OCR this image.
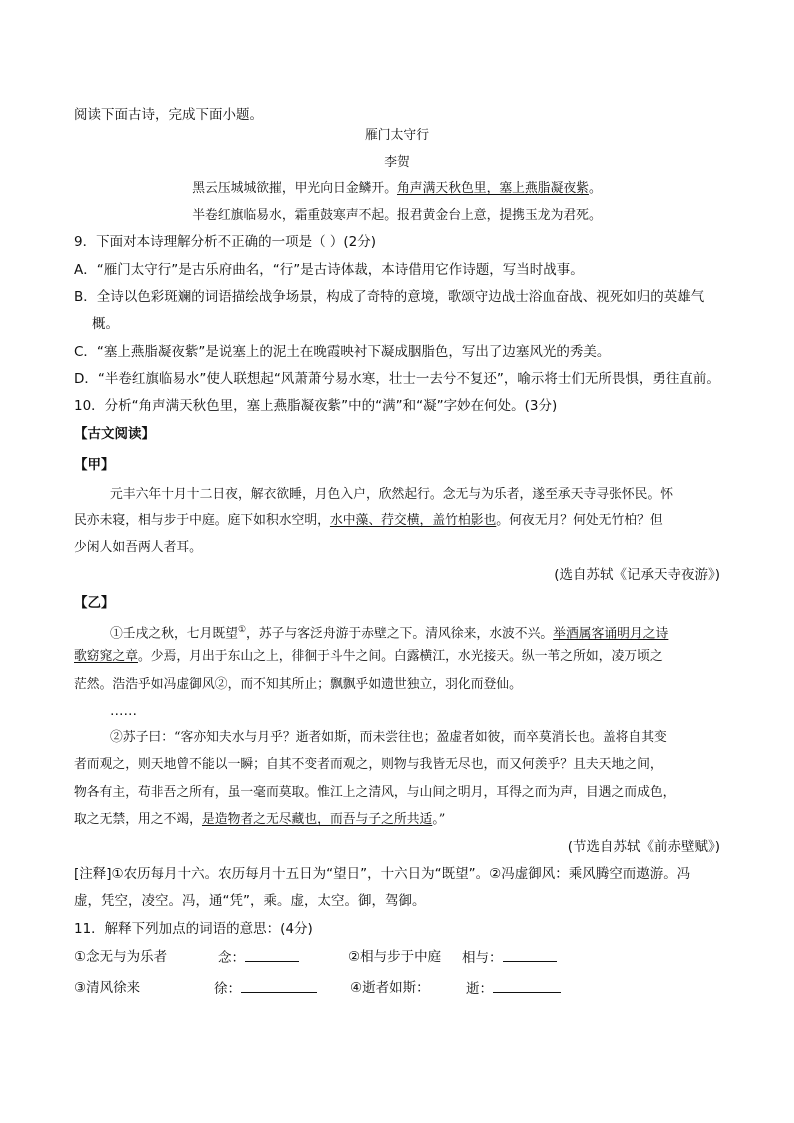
阅读下面古诗，完成下面小题。
雁门太守行
李贺
黑云压城城欲摧，甲光向日金鳞开。角声满天秋色里，塞上燕脂凝夜紫。
半卷红旗临易水，霜重鼓寒声不起。报君黄金台上意，提携玉龙为君死。
9．下面对本诗理解分析不正确的一项是（ ）(2分)
A．“雁门太守行”是古乐府曲名，“行”是古诗体裁，本诗借用它作诗题，写当时战事。
B．全诗以色彩斑斓的词语描绘战争场景，构成了奇特的意境，歌颂守边战士浴血奋战、视死如归的英雄气
概。
C．“塞上燕脂凝夜紫”是说塞上的泥土在晚霞映衬下凝成胭脂色，写出了边塞风光的秀美。
D．“半卷红旗临易水”使人联想起“风萧萧兮易水寒，壮士一去兮不复还”，喻示将士们无所畏惧，勇往直前。
10．分析“角声满天秋色里，塞上燕脂凝夜紫”中的“满”和“凝”字妙在何处。(3分)
【古文阅读】
【甲】
元丰六年十月十二日夜，解衣欲睡，月色入户，欣然起行。念无与为乐者，遂至承天寺寻张怀民。怀
民亦未寝，相与步于中庭。庭下如积水空明，水中藻、荇交横，盖竹柏影也。何夜无月？何处无竹柏？但
少闲人如吾两人者耳。
(选自苏轼《记承天寺夜游》)
【乙】
①壬戌之秋，七月既望①，苏子与客泛舟游于赤壁之下。清风徐来，水波不兴。举酒属客诵明月之诗
歌窈窕之章。少焉，月出于东山之上，徘徊于斗牛之间。白露横江，水光接天。纵一苇之所如，凌万顷之
茫然。浩浩乎如冯虚御风②，而不知其所止；飘飘乎如遗世独立，羽化而登仙。
……
②苏子曰：“客亦知夫水与月乎？逝者如斯，而未尝往也；盈虚者如彼，而卒莫消长也。盖将自其变
者而观之，则天地曾不能以一瞬；自其不变者而观之，则物与我皆无尽也，而又何羡乎？且夫天地之间，
物各有主，苟非吾之所有，虽一毫而莫取。惟江上之清风，与山间之明月，耳得之而为声，目遇之而成色，
取之无禁，用之不竭，是造物者之无尽藏也，而吾与子之所共适。”
(节选自苏轼《前赤壁赋》)
[注释]①农历每月十六。农历每月十五日为“望日”，十六日为“既望”。②冯虚御风：乘风腾空而遨游。冯
虚，凭空，凌空。冯，通“凭”，乘。虚，太空。御，驾御。
11．解释下列加点的词语的意思：(4分)
①念无与为乐者	念：	②相与步于中庭 相与：
③清风徐来	徐：	④逝者如斯：	逝：
